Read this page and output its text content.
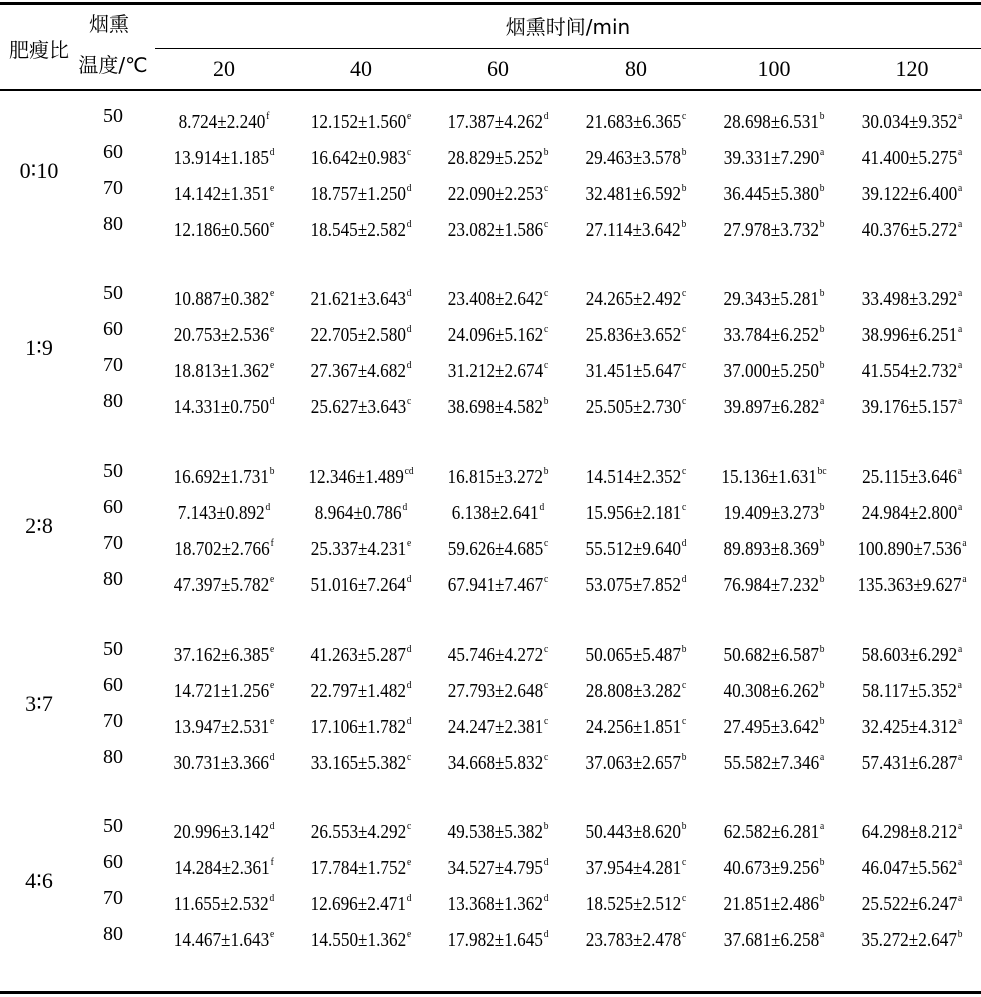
肥瘦比
烟熏
温度/℃
烟熏时间/min
20	40	60	80	100	120
0∶10
50	8.724±2.240$^f$ 12.152±1.560$^e$ 17.387±4.262$^d$ 21.683±6.365$^c$ 28.698±6.531$^b$ 30.034±9.352$^a$
60	13.914±1.185$^d$ 16.642±0.983$^c$ 28.829±5.252$^b$ 29.463±3.578$^b$ 39.331±7.290$^a$ 41.400±5.275$^a$
70	14.142±1.351$^e$ 18.757±1.250$^d$ 22.090±2.253$^c$ 32.481±6.592$^b$ 36.445±5.380$^b$ 39.122±6.400$^a$
80	12.186±0.560$^e$ 18.545±2.582$^d$ 23.082±1.586$^c$ 27.114±3.642$^b$ 27.978±3.732$^b$ 40.376±5.272$^a$
1∶9
50	10.887±0.382$^e$ 21.621±3.643$^d$ 23.408±2.642$^c$ 24.265±2.492$^c$ 29.343±5.281$^b$ 33.498±3.292$^a$
60	20.753±2.536$^e$ 22.705±2.580$^d$ 24.096±5.162$^c$ 25.836±3.652$^c$ 33.784±6.252$^b$ 38.996±6.251$^a$
70	18.813±1.362$^e$ 27.367±4.682$^d$ 31.212±2.674$^c$ 31.451±5.647$^c$ 37.000±5.250$^b$ 41.554±2.732$^a$
80	14.331±0.750$^d$ 25.627±3.643$^c$ 38.698±4.582$^b$ 25.505±2.730$^c$ 39.897±6.282$^a$ 39.176±5.157$^a$
2∶8
50	16.692±1.731$^b$ 12.346±1.489$^{cd}$ 16.815±3.272$^b$ 14.514±2.352$^c$ 15.136±1.631$^{bc}$ 25.115±3.646$^a$
60	7.143±0.892$^d$ 8.964±0.786$^d$ 6.138±2.641$^d$ 15.956±2.181$^c$ 19.409±3.273$^b$ 24.984±2.800$^a$
70	18.702±2.766$^f$ 25.337±4.231$^e$ 59.626±4.685$^c$ 55.512±9.640$^d$ 89.893±8.369$^b$ 100.890±7.536$^a$
80	47.397±5.782$^e$ 51.016±7.264$^d$ 67.941±7.467$^c$ 53.075±7.852$^d$ 76.984±7.232$^b$ 135.363±9.627$^a$
3∶7
50	37.162±6.385$^e$ 41.263±5.287$^d$ 45.746±4.272$^c$ 50.065±5.487$^b$ 50.682±6.587$^b$ 58.603±6.292$^a$
60	14.721±1.256$^e$ 22.797±1.482$^d$ 27.793±2.648$^c$ 28.808±3.282$^c$ 40.308±6.262$^b$ 58.117±5.352$^a$
70	13.947±2.531$^e$ 17.106±1.782$^d$ 24.247±2.381$^c$ 24.256±1.851$^c$ 27.495±3.642$^b$ 32.425±4.312$^a$
80	30.731±3.366$^d$ 33.165±5.382$^c$ 34.668±5.832$^c$ 37.063±2.657$^b$ 55.582±7.346$^a$ 57.431±6.287$^a$
4∶6
50	20.996±3.142$^d$ 26.553±4.292$^c$ 49.538±5.382$^b$ 50.443±8.620$^b$ 62.582±6.281$^a$ 64.298±8.212$^a$
60	14.284±2.361$^f$ 17.784±1.752$^e$ 34.527±4.795$^d$ 37.954±4.281$^c$ 40.673±9.256$^b$ 46.047±5.562$^a$
70	11.655±2.532$^d$ 12.696±2.471$^d$ 13.368±1.362$^d$ 18.525±2.512$^c$ 21.851±2.486$^b$ 25.522±6.247$^a$
80	14.467±1.643$^e$ 14.550±1.362$^e$ 17.982±1.645$^d$ 23.783±2.478$^c$ 37.681±6.258$^a$ 35.272±2.647$^b$
